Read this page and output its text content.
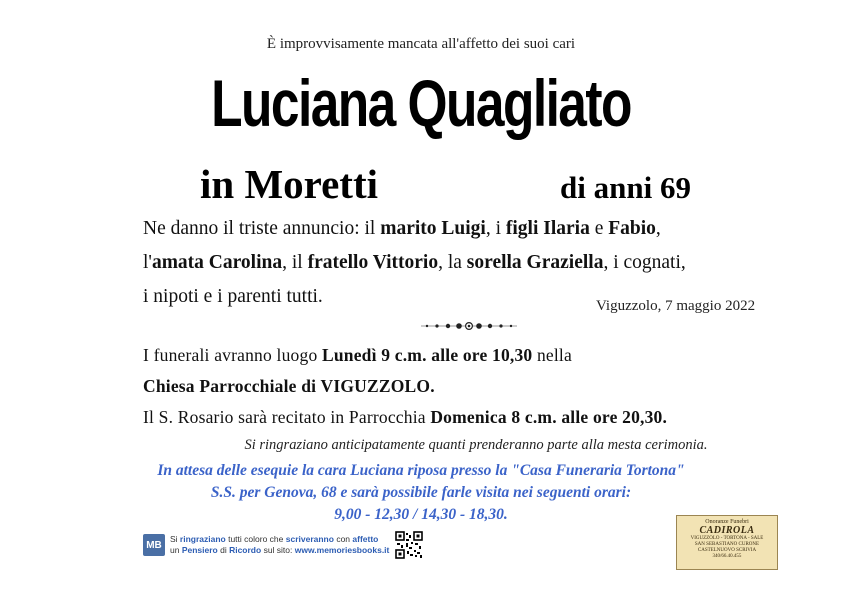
È improvvisamente mancata all'affetto dei suoi cari
Luciana Quagliato
in Moretti	di anni 69
Ne danno il triste annuncio: il marito Luigi, i figli Ilaria e Fabio,
l'amata Carolina, il fratello Vittorio, la sorella Graziella, i cognati,
i nipoti e i parenti tutti.	Viguzzolo, 7 maggio 2022
I funerali avranno luogo Lunedì 9 c.m. alle ore 10,30 nella
Chiesa Parrocchiale di VIGUZZOLO.
Il S. Rosario sarà recitato in Parrocchia Domenica 8 c.m. alle ore 20,30.
Si ringraziano anticipatamente quanti prenderanno parte alla mesta cerimonia.
In attesa delle esequie la cara Luciana riposa presso la "Casa Funeraria Tortona"
S.S. per Genova, 68 e sarà possibile farle visita nei seguenti orari:
9,00 - 12,30 / 14,30 - 18,30.
MB
Si ringraziano tutti coloro che scriveranno con affetto
un Pensiero di Ricordo sul sito: www.memoriesbooks.it
Onoranze Funebri
CADIROLA
VIGUZZOLO - TORTONA - SALE
SAN SEBASTIANO CURONE
CASTELNUOVO SCRIVIA
340/66.40.455
